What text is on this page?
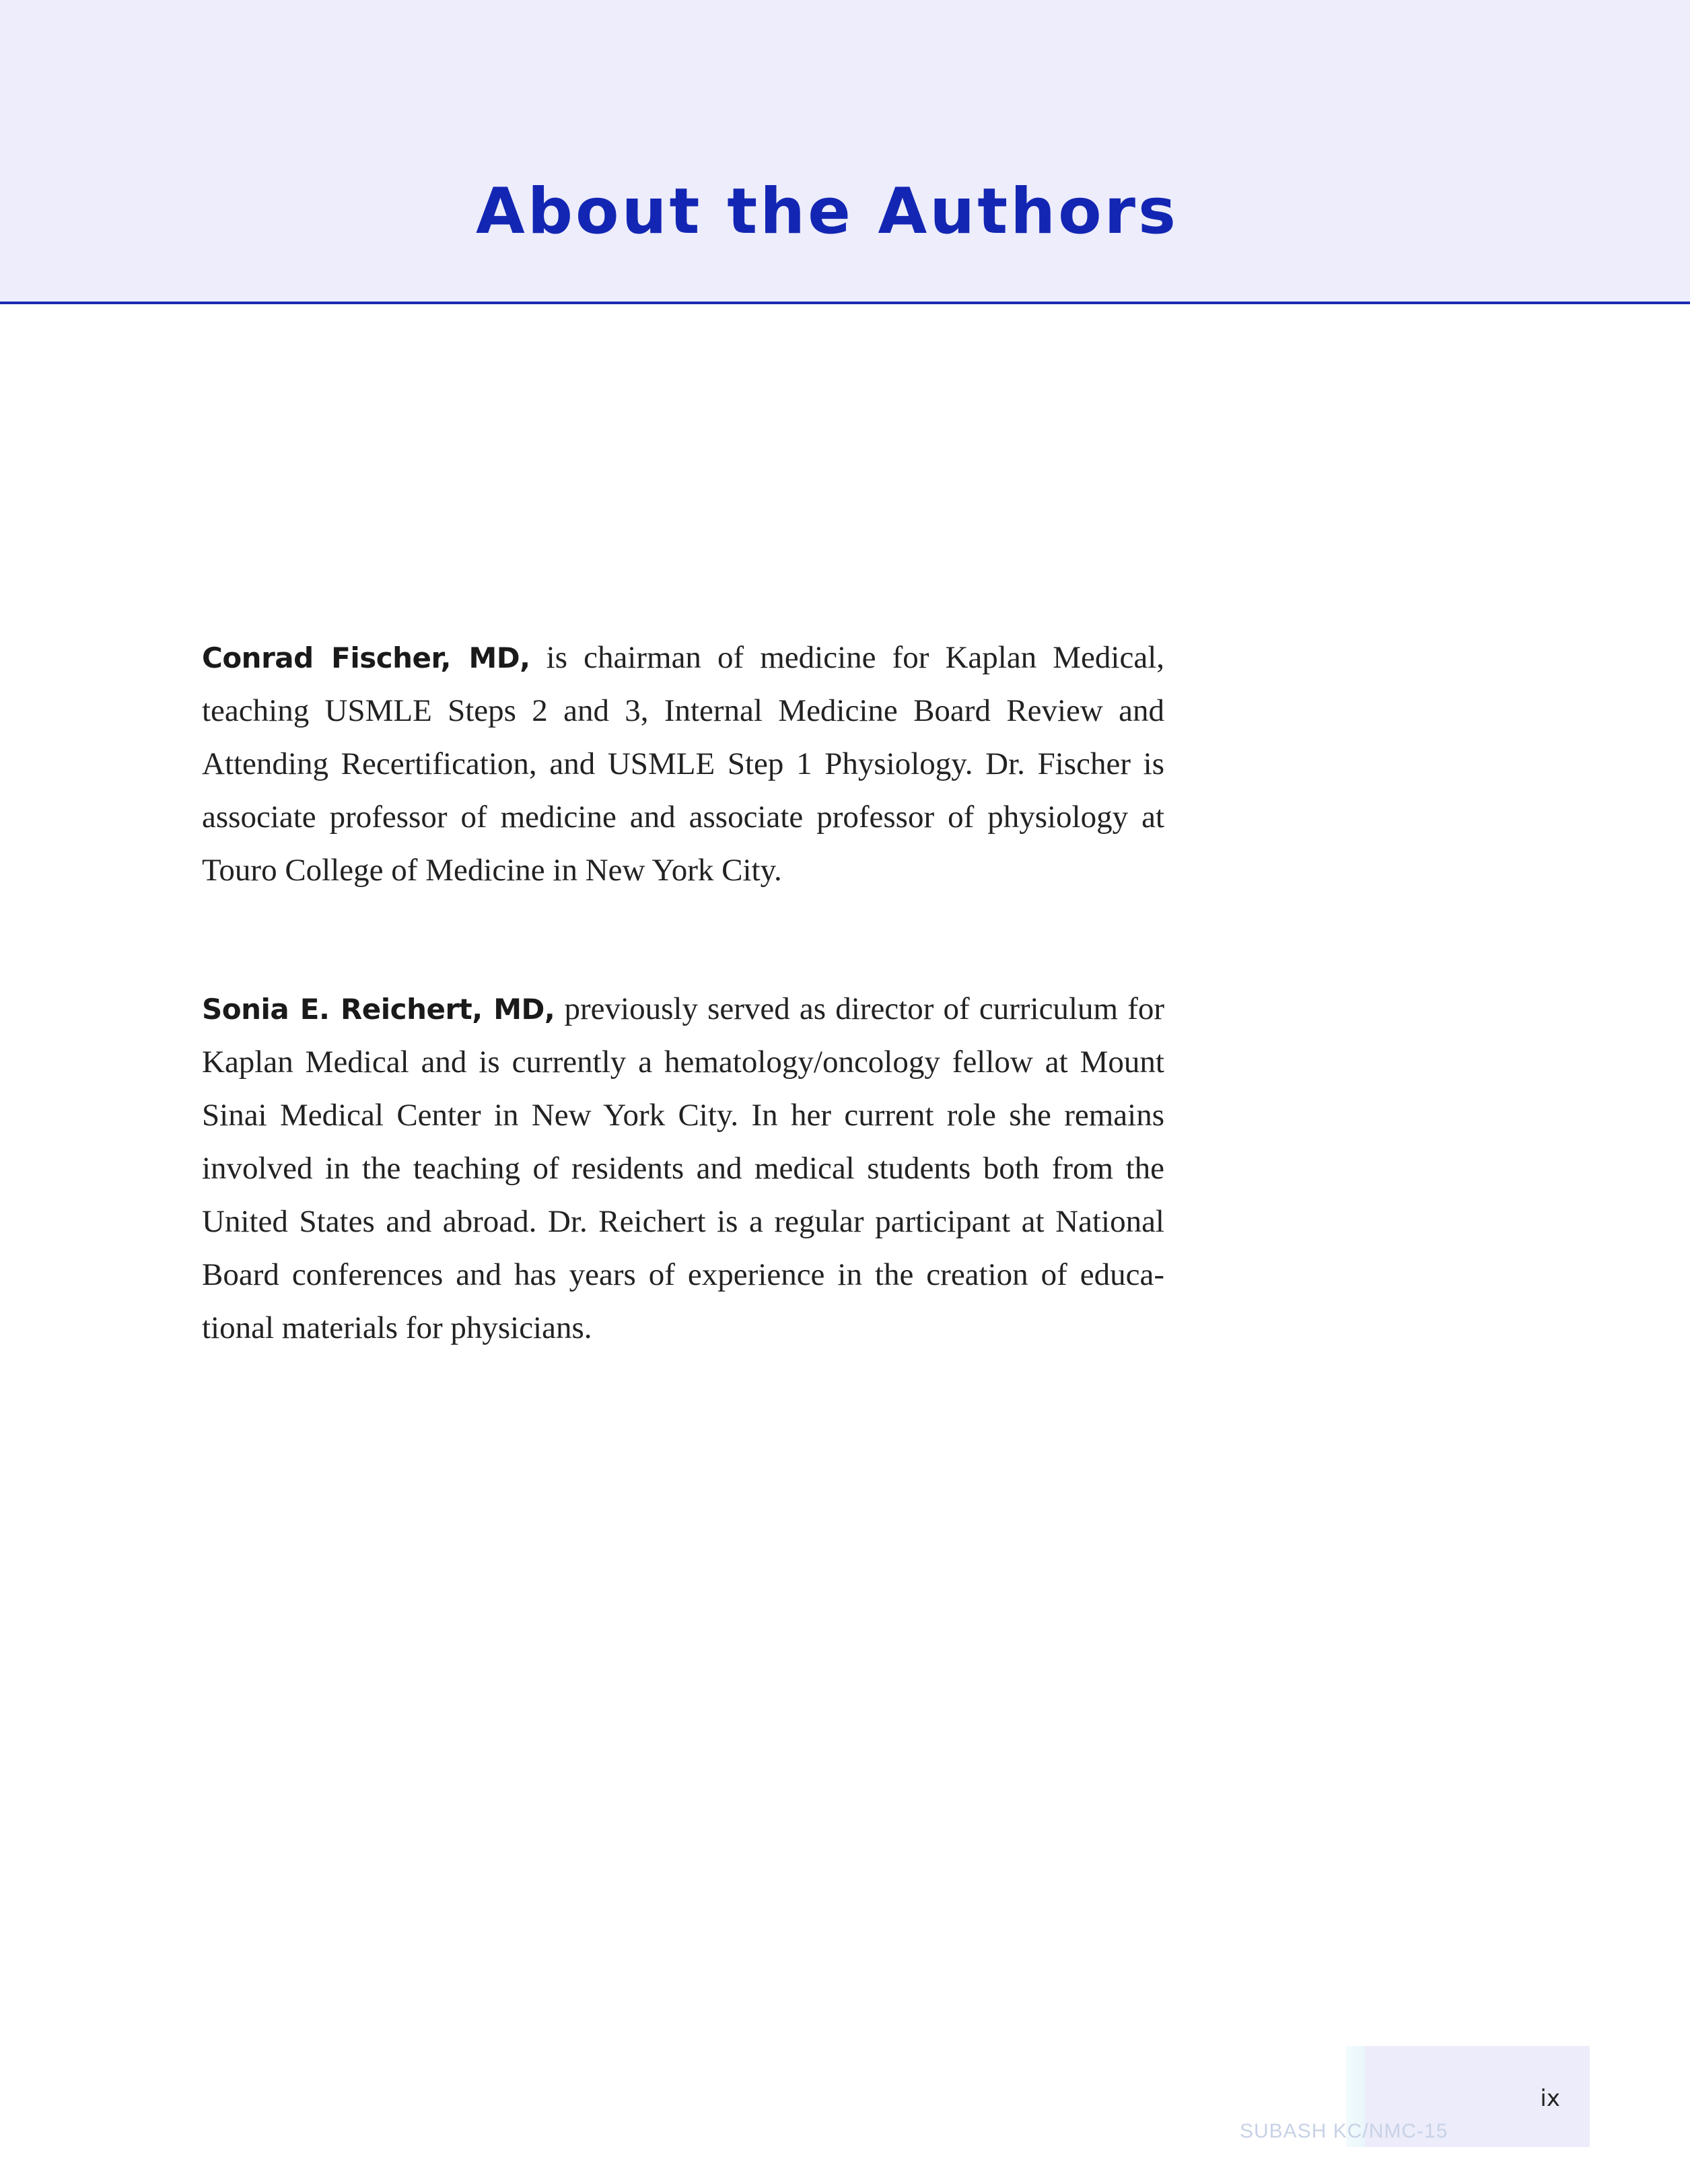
About the Authors

Conrad Fischer, MD, is chairman of medicine for Kaplan Medical, teaching USMLE Steps 2 and 3, Internal Medicine Board Review and Attending Recertification, and USMLE Step 1 Physiology. Dr. Fischer is associate professor of medicine and associate professor of physiology at Touro College of Medicine in New York City.

Sonia E. Reichert, MD, previously served as director of curriculum for Kaplan Medical and is currently a hematology/oncology fellow at Mount Sinai Medical Center in New York City. In her current role she remains involved in the teaching of residents and medical students both from the United States and abroad. Dr. Reichert is a regular participant at National Board conferences and has years of experience in the creation of educational materials for physicians.

ix

SUBASH KC/NMC-15
